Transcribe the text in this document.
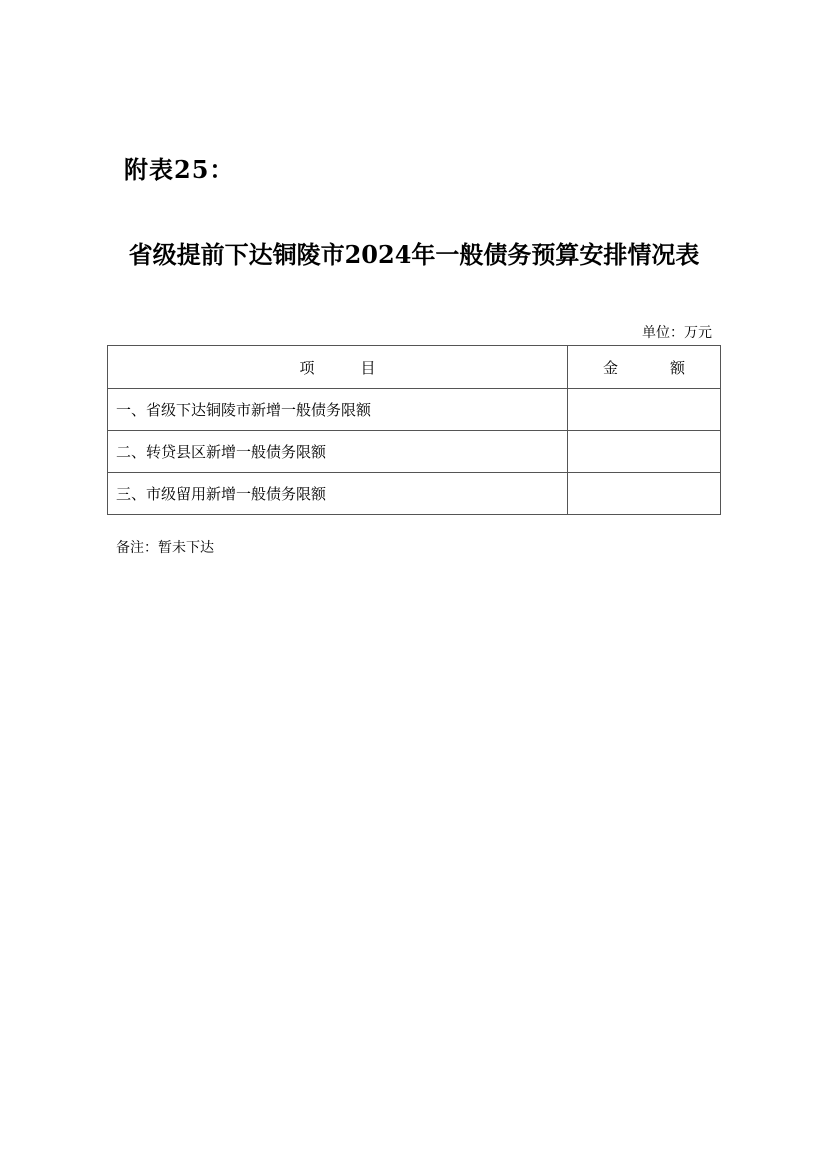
附表25：
省级提前下达铜陵市2024年一般债务预算安排情况表
单位：万元
项 目	金 额

一、省级下达铜陵市新增一般债务限额	
二、转贷县区新增一般债务限额	
三、市级留用新增一般债务限额	
备注：暂未下达
